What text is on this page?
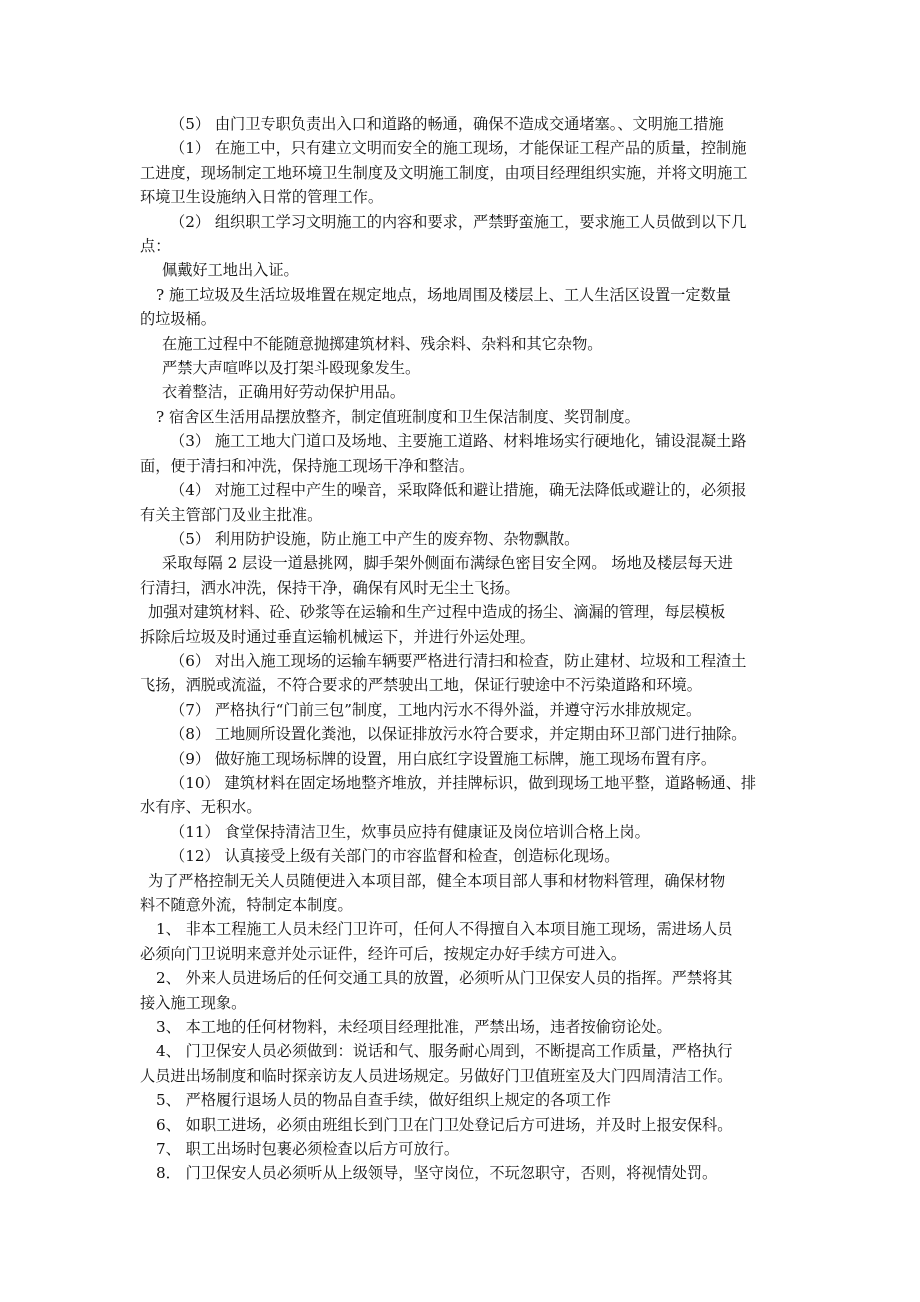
（5） 由门卫专职负责出入口和道路的畅通，确保不造成交通堵塞。、文明施工措施

（1） 在施工中，只有建立文明而安全的施工现场，才能保证工程产品的质量，控制施

工进度，现场制定工地环境卫生制度及文明施工制度，由项目经理组织实施，并将文明施工

环境卫生设施纳入日常的管理工作。

（2） 组织职工学习文明施工的内容和要求，严禁野蛮施工，要求施工人员做到以下几

点：

佩戴好工地出入证。

? 施工垃圾及生活垃圾堆置在规定地点，场地周围及楼层上、工人生活区设置一定数量

的垃圾桶。

在施工过程中不能随意抛掷建筑材料、残余料、杂料和其它杂物。

严禁大声喧哗以及打架斗殴现象发生。

衣着整洁，正确用好劳动保护用品。

? 宿舍区生活用品摆放整齐，制定值班制度和卫生保洁制度、奖罚制度。

（3） 施工工地大门道口及场地、主要施工道路、材料堆场实行硬地化，铺设混凝土路

面，便于清扫和冲洗，保持施工现场干净和整洁。

（4） 对施工过程中产生的噪音，采取降低和避让措施，确无法降低或避让的，必须报

有关主管部门及业主批准。

（5） 利用防护设施，防止施工中产生的废弃物、杂物飘散。

采取每隔 2 层设一道悬挑网，脚手架外侧面布满绿色密目安全网。 场地及楼层每天进

行清扫，洒水冲洗，保持干净，确保有风时无尘土飞扬。

加强对建筑材料、砼、砂浆等在运输和生产过程中造成的扬尘、滴漏的管理，每层模板

拆除后垃圾及时通过垂直运输机械运下，并进行外运处理。

（6） 对出入施工现场的运输车辆要严格进行清扫和检查，防止建材、垃圾和工程渣土

飞扬，洒脱或流溢，不符合要求的严禁驶出工地，保证行驶途中不污染道路和环境。

（7） 严格执行“门前三包”制度，工地内污水不得外溢，并遵守污水排放规定。

（8） 工地厕所设置化粪池，以保证排放污水符合要求，并定期由环卫部门进行抽除。

（9） 做好施工现场标牌的设置，用白底红字设置施工标牌，施工现场布置有序。

（10） 建筑材料在固定场地整齐堆放，并挂牌标识，做到现场工地平整，道路畅通、排

水有序、无积水。

（11） 食堂保持清洁卫生，炊事员应持有健康证及岗位培训合格上岗。

（12） 认真接受上级有关部门的市容监督和检查，创造标化现场。

为了严格控制无关人员随便进入本项目部，健全本项目部人事和材物料管理，确保材物

料不随意外流，特制定本制度。

1、 非本工程施工人员未经门卫许可，任何人不得擅自入本项目施工现场，需进场人员

必须向门卫说明来意并处示证件，经许可后，按规定办好手续方可进入。

2、 外来人员进场后的任何交通工具的放置，必须听从门卫保安人员的指挥。严禁将其

接入施工现象。

3、 本工地的任何材物料，未经项目经理批准，严禁出场，违者按偷窃论处。

4、 门卫保安人员必须做到：说话和气、服务耐心周到，不断提高工作质量，严格执行

人员进出场制度和临时探亲访友人员进场规定。另做好门卫值班室及大门四周清洁工作。

5、 严格履行退场人员的物品自查手续，做好组织上规定的各项工作

6、 如职工进场，必须由班组长到门卫在门卫处登记后方可进场，并及时上报安保科。

7、 职工出场时包裹必须检查以后方可放行。

8． 门卫保安人员必须听从上级领导，坚守岗位，不玩忽职守，否则，将视情处罚。
